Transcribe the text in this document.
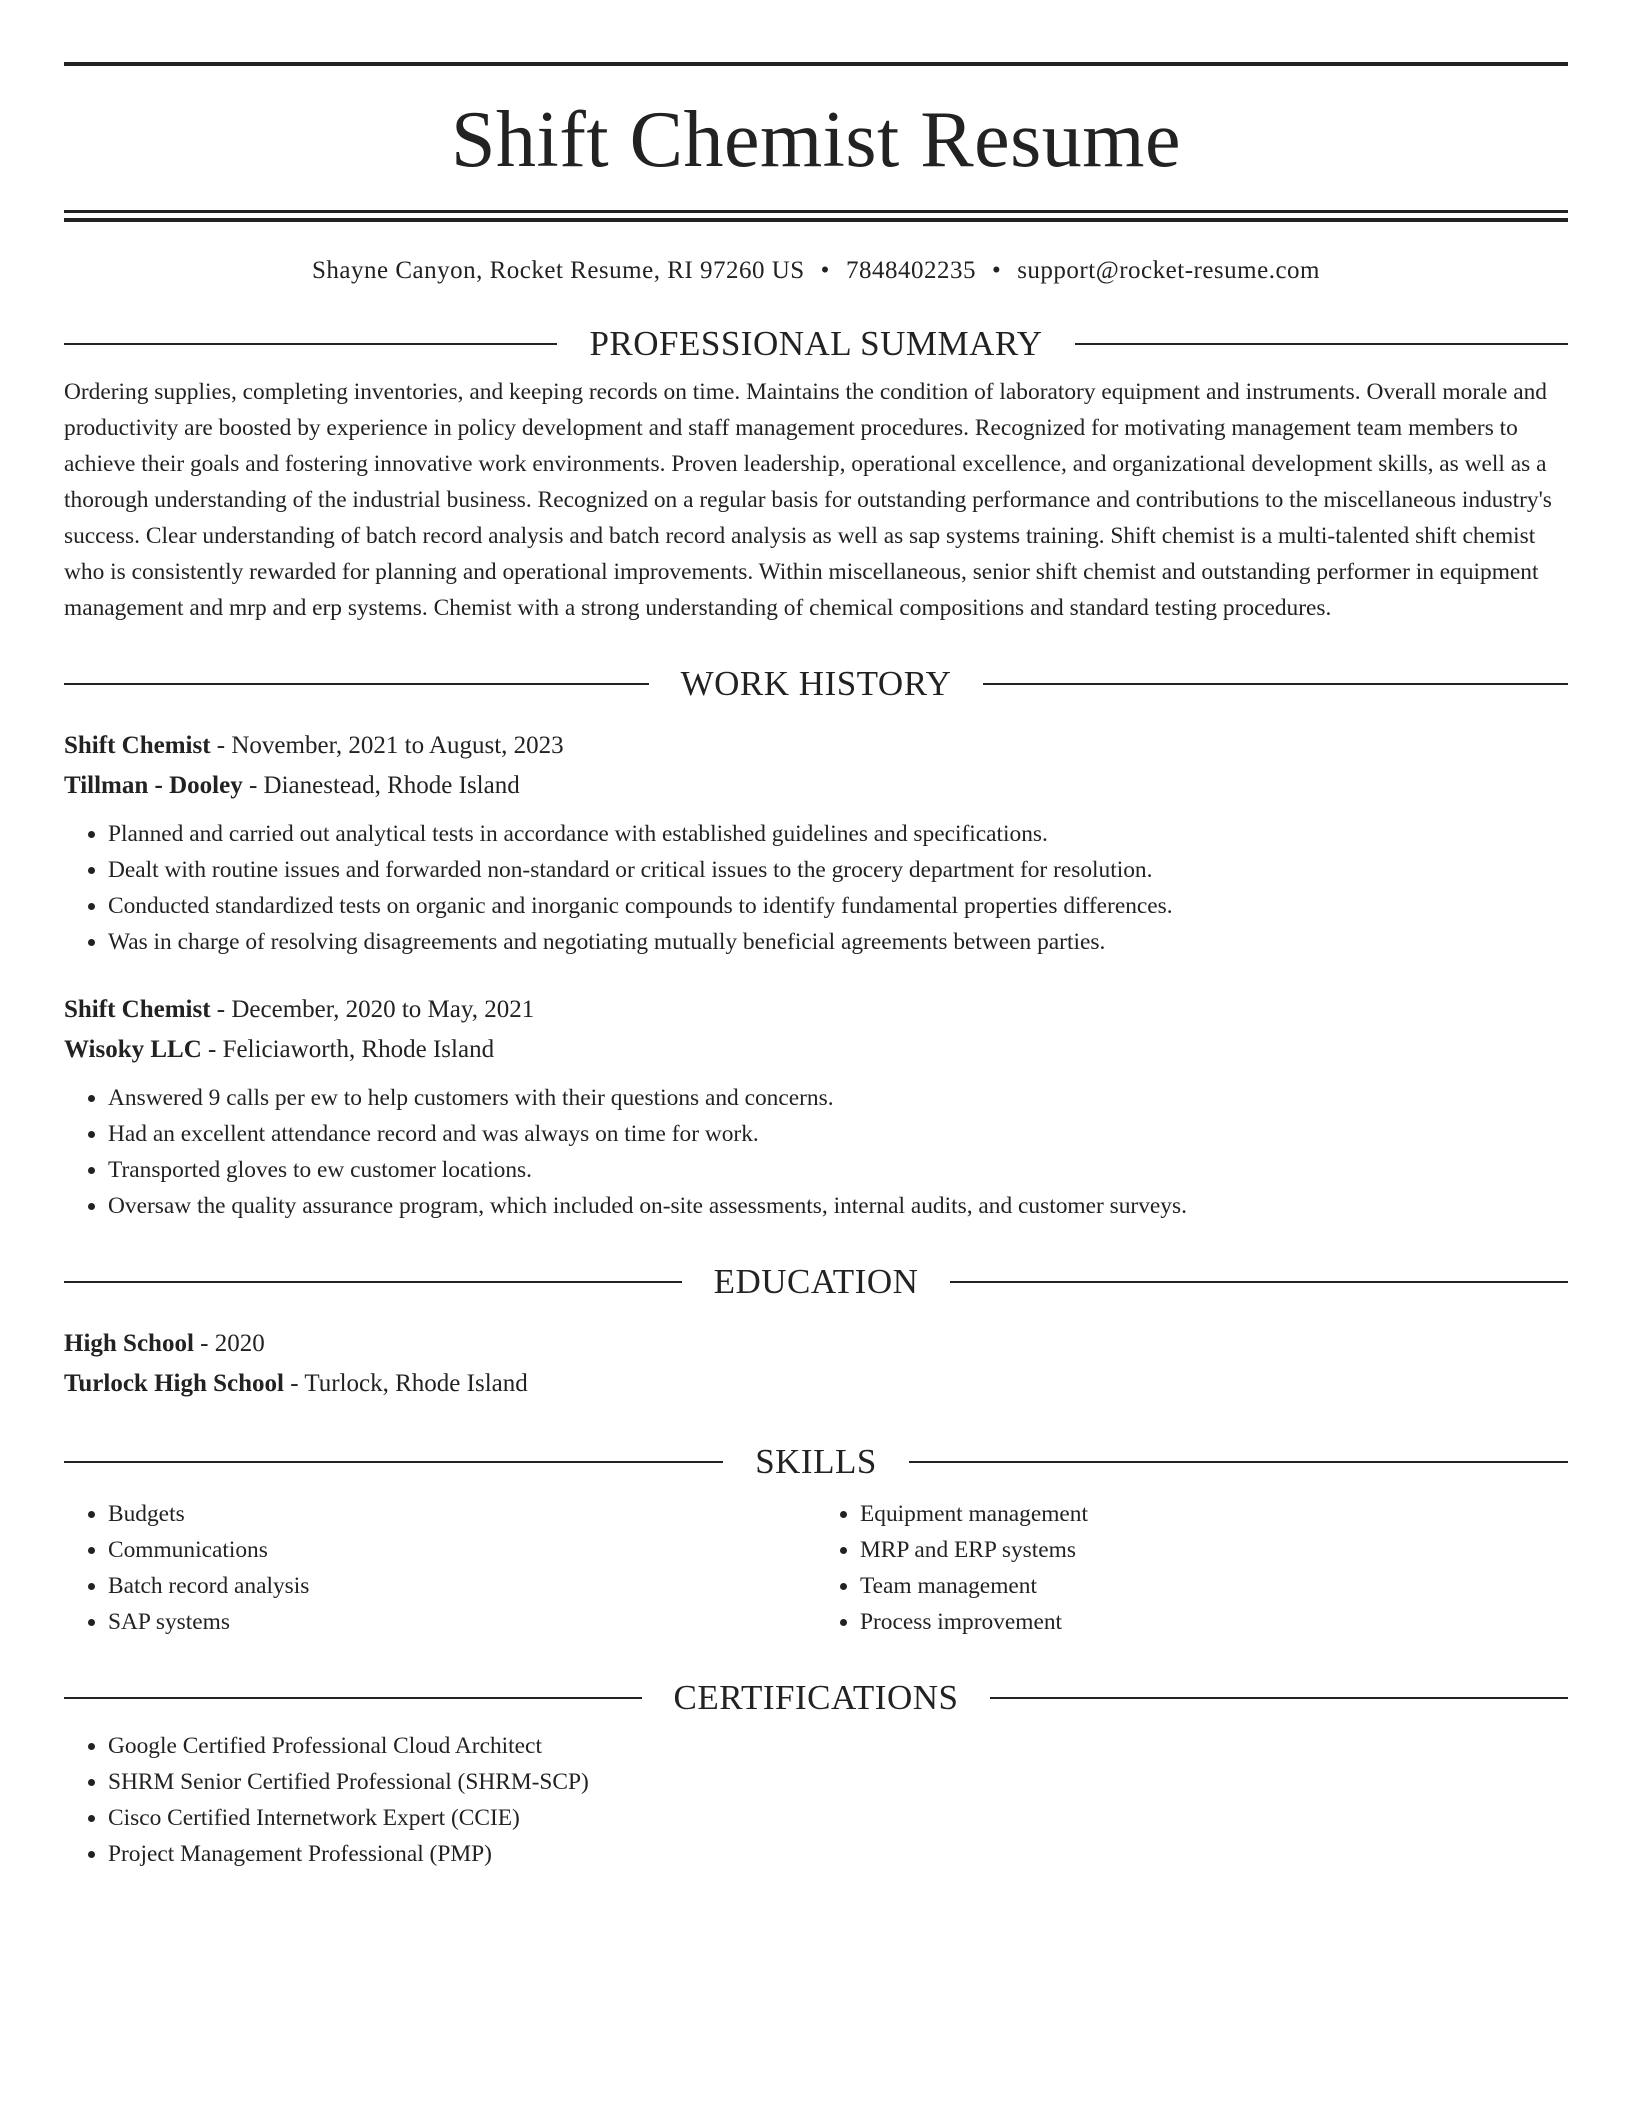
Shift Chemist Resume
Shayne Canyon, Rocket Resume, RI 97260 US • 7848402235 • support@rocket-resume.com
PROFESSIONAL SUMMARY
Ordering supplies, completing inventories, and keeping records on time. Maintains the condition of laboratory equipment and instruments. Overall morale and productivity are boosted by experience in policy development and staff management procedures. Recognized for motivating management team members to achieve their goals and fostering innovative work environments. Proven leadership, operational excellence, and organizational development skills, as well as a thorough understanding of the industrial business. Recognized on a regular basis for outstanding performance and contributions to the miscellaneous industry's success. Clear understanding of batch record analysis and batch record analysis as well as sap systems training. Shift chemist is a multi-talented shift chemist who is consistently rewarded for planning and operational improvements. Within miscellaneous, senior shift chemist and outstanding performer in equipment management and mrp and erp systems. Chemist with a strong understanding of chemical compositions and standard testing procedures.
WORK HISTORY
Shift Chemist - November, 2021 to August, 2023
Tillman - Dooley - Dianestead, Rhode Island
• Planned and carried out analytical tests in accordance with established guidelines and specifications.
• Dealt with routine issues and forwarded non-standard or critical issues to the grocery department for resolution.
• Conducted standardized tests on organic and inorganic compounds to identify fundamental properties differences.
• Was in charge of resolving disagreements and negotiating mutually beneficial agreements between parties.
Shift Chemist - December, 2020 to May, 2021
Wisoky LLC - Feliciaworth, Rhode Island
• Answered 9 calls per ew to help customers with their questions and concerns.
• Had an excellent attendance record and was always on time for work.
• Transported gloves to ew customer locations.
• Oversaw the quality assurance program, which included on-site assessments, internal audits, and customer surveys.
EDUCATION
High School - 2020
Turlock High School - Turlock, Rhode Island
SKILLS
• Budgets
• Communications
• Batch record analysis
• SAP systems
• Equipment management
• MRP and ERP systems
• Team management
• Process improvement
CERTIFICATIONS
• Google Certified Professional Cloud Architect
• SHRM Senior Certified Professional (SHRM-SCP)
• Cisco Certified Internetwork Expert (CCIE)
• Project Management Professional (PMP)
